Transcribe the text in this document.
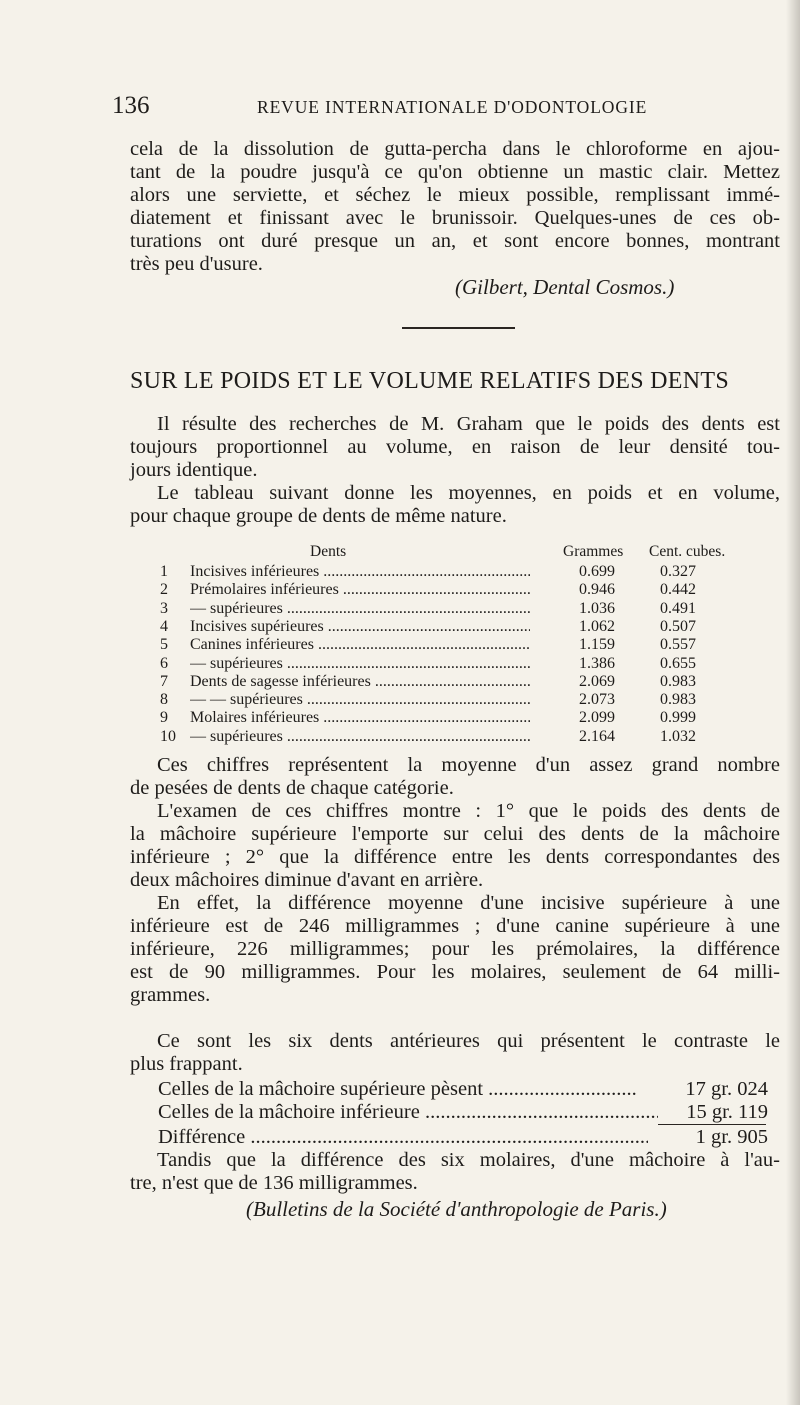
136	REVUE INTERNATIONALE D'ODONTOLOGIE
cela de la dissolution de gutta-percha dans le chloroforme en ajou-
tant de la poudre jusqu'à ce qu'on obtienne un mastic clair. Mettez
alors une serviette, et séchez le mieux possible, remplissant immé-
diatement et finissant avec le brunissoir. Quelques-unes de ces ob-
turations ont duré presque un an, et sont encore bonnes, montrant
très peu d'usure.
(Gilbert, Dental Cosmos.)
SUR LE POIDS ET LE VOLUME RELATIFS DES DENTS
Il résulte des recherches de M. Graham que le poids des dents est
toujours proportionnel au volume, en raison de leur densité tou-
jours identique.
Le tableau suivant donne les moyennes, en poids et en volume,
pour chaque groupe de dents de même nature.
Dents	Grammes Cent. cubes.
1	Incisives inférieures .....	0.699	0.327
2	Prémolaires inférieures .....	0.946	0.442
3	— supérieures .....	1.036	0.491
4	Incisives supérieures .....	1.062	0.507
5	Canines inférieures .....	1.159	0.557
6	— supérieures .....	1.386	0.655
7	Dents de sagesse inférieures .....	2.069	0.983
8	— — supérieures .....	2.073	0.983
9	Molaires inférieures .....	2.099	0.999
10 — supérieures .....	2.164	1.032
Ces chiffres représentent la moyenne d'un assez grand nombre
de pesées de dents de chaque catégorie.
L'examen de ces chiffres montre : 1° que le poids des dents de
la mâchoire supérieure l'emporte sur celui des dents de la mâchoire
inférieure ; 2° que la différence entre les dents correspondantes des
deux mâchoires diminue d'avant en arrière.
En effet, la différence moyenne d'une incisive supérieure à une
inférieure est de 246 milligrammes ; d'une canine supérieure à une
inférieure, 226 milligrammes; pour les prémolaires, la différence
est de 90 milligrammes. Pour les molaires, seulement de 64 milli-
grammes.
Ce sont les six dents antérieures qui présentent le contraste le
plus frappant.
Celles de la mâchoire supérieure pèsent .....	17 gr. 024
Celles de la mâchoire inférieure .....	15 gr. 119
Différence .....	1 gr. 905
Tandis que la différence des six molaires, d'une mâchoire à l'au-
tre, n'est que de 136 milligrammes.
(Bulletins de la Société d'anthropologie de Paris.)
